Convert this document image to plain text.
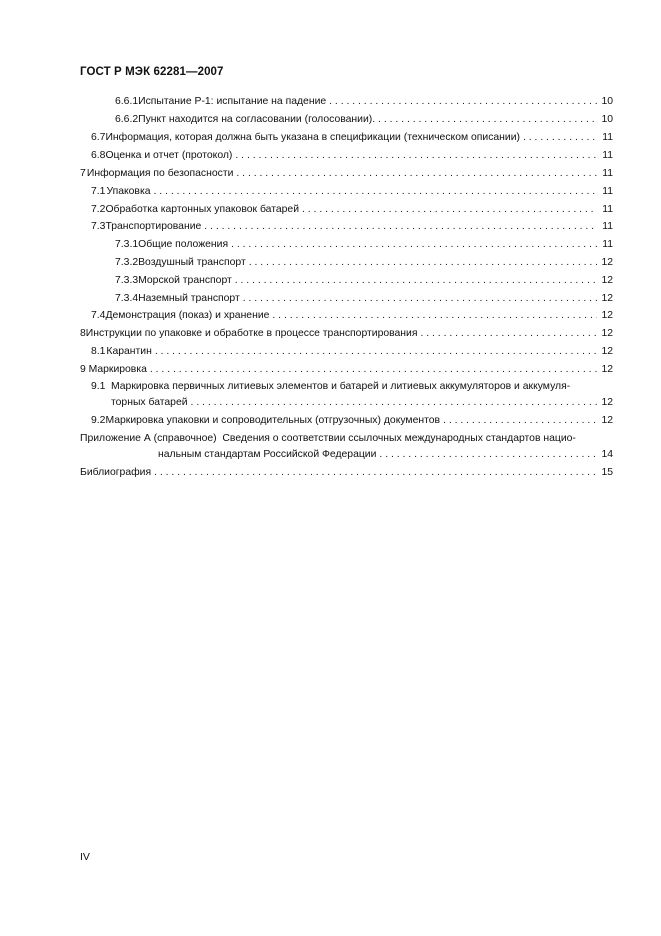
ГОСТ Р МЭК 62281—2007
6.6.1 Испытание Р-1: испытание на падение . . .	10
6.6.2 Пункт находится на согласовании (голосовании). . . .	10
6.7 Информация, которая должна быть указана в спецификации (техническом описании) . . .	11
6.8 Оценка и отчет (протокол) . . .	11
7 Информация по безопасности . . .	11
7.1 Упаковка . . .	11
7.2 Обработка картонных упаковок батарей . . .	11
7.3 Транспортирование . . .	11
7.3.1 Общие положения . . .	11
7.3.2 Воздушный транспорт . . .	12
7.3.3 Морской транспорт . . .	12
7.3.4 Наземный транспорт . . .	12
7.4 Демонстрация (показ) и хранение . . .	12
8 Инструкции по упаковке и обработке в процессе транспортирования . . .	12
8.1 Карантин . . .	12
9 Маркировка . . .	12
9.1 Маркировка первичных литиевых элементов и батарей и литиевых аккумуляторов и аккумуля-
торных батарей . . .	12
9.2 Маркировка упаковки и сопроводительных (отгрузочных) документов . . .	12
Приложение А (справочное) Сведения о соответствии ссылочных международных стандартов нацио-
нальным стандартам Российской Федерации . . .	14
Библиография . . .	15
IV
